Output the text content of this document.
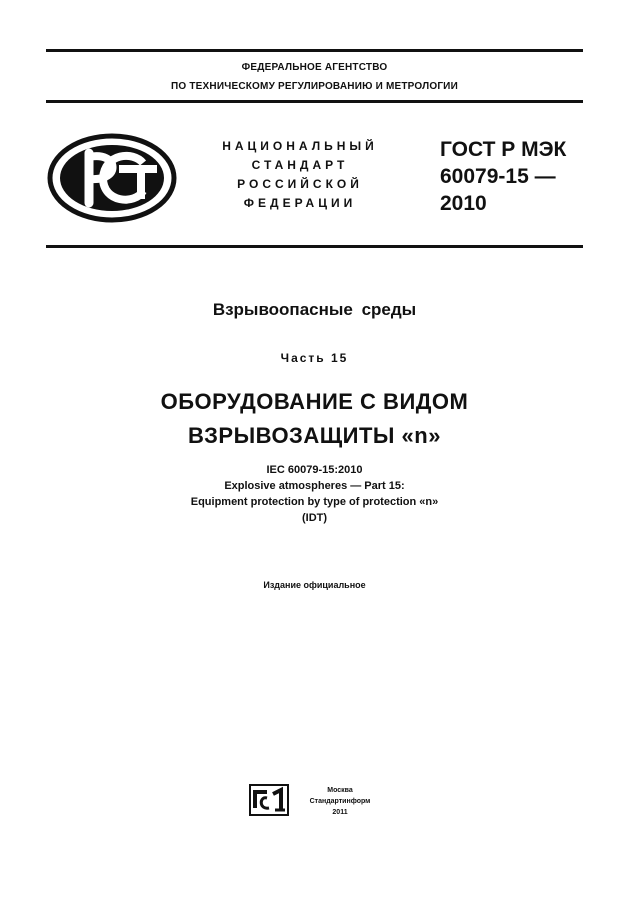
ФЕДЕРАЛЬНОЕ АГЕНТСТВО
ПО ТЕХНИЧЕСКОМУ РЕГУЛИРОВАНИЮ И МЕТРОЛОГИИ
НАЦИОНАЛЬНЫЙ
СТАНДАРТ
РОССИЙСКОЙ
ФЕДЕРАЦИИ
ГОСТ Р МЭК
60079-15 —
2010
Взрывоопасные среды
Часть 15
ОБОРУДОВАНИЕ С ВИДОМ
ВЗРЫВОЗАЩИТЫ «n»
IEC 60079-15:2010
Explosive atmospheres — Part 15:
Equipment protection by type of protection «n»
(IDT)
Издание официальное
Москва
Стандартинформ
2011
